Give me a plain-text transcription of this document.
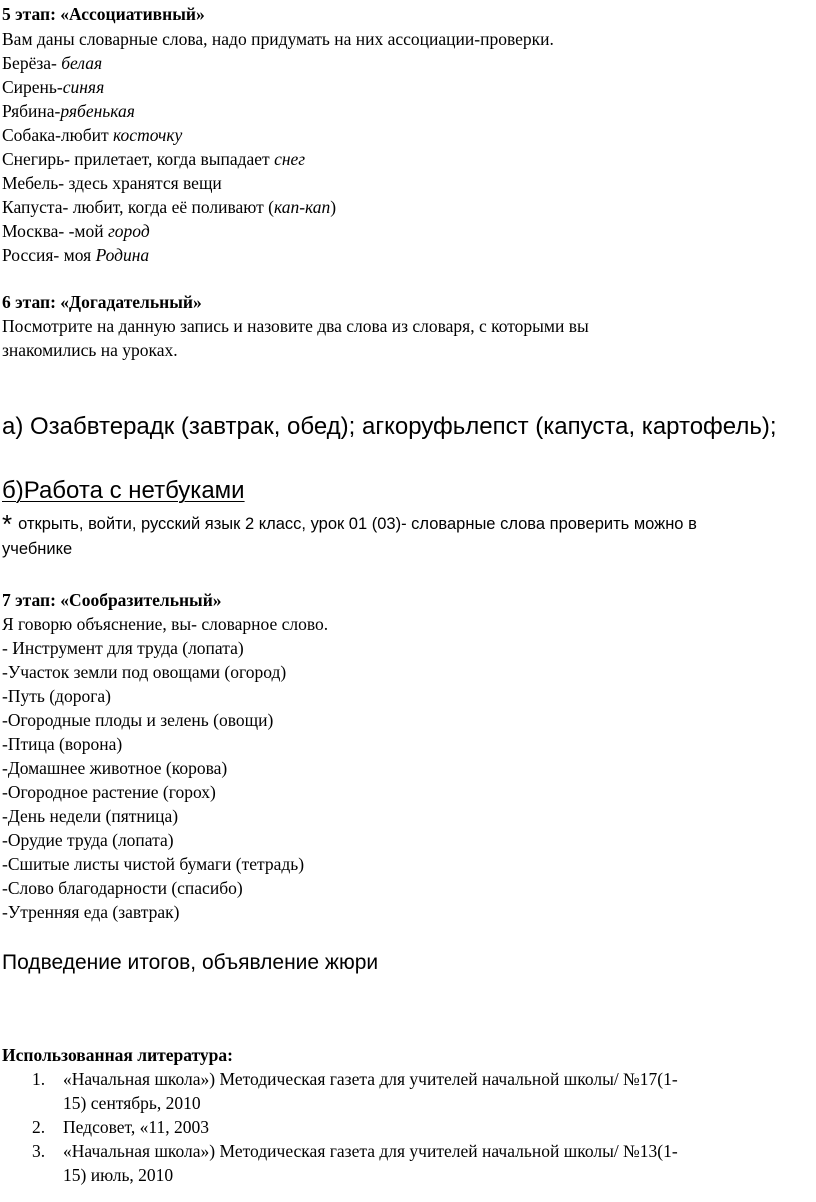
5 этап: «Ассоциативный»
Вам даны словарные слова, надо придумать на них ассоциации-проверки.
Берёза- белая
Сирень-синяя
Рябина-рябенькая
Собака-любит косточку
Снегирь- прилетает, когда выпадает снег
Мебель- здесь хранятся вещи
Капуста- любит, когда её поливают (кап-кап)
Москва- -мой город
Россия- моя Родина
6 этап: «Догадательный»
Посмотрите на данную запись и назовите два слова из словаря, с которыми вы
знакомились на уроках.
а) Озабвтерадк (завтрак, обед); агкоруфьлепст (капуста, картофель);
б)Работа с нетбуками
* открыть, войти, русский язык 2 класс, урок 01 (03)- словарные слова проверить можно в
учебнике
7 этап: «Сообразительный»
Я говорю объяснение, вы- словарное слово.
- Инструмент для труда (лопата)
-Участок земли под овощами (огород)
-Путь (дорога)
-Огородные плоды и зелень (овощи)
-Птица (ворона)
-Домашнее животное (корова)
-Огородное растение (горох)
-День недели (пятница)
-Орудие труда (лопата)
-Сшитые листы чистой бумаги (тетрадь)
-Слово благодарности (спасибо)
-Утренняя еда (завтрак)
Подведение итогов, объявление жюри
Использованная литература:
1.	«Начальная школа») Методическая газета для учителей начальной школы/ №17(1-
15) сентябрь, 2010
2.	Педсовет, «11, 2003
3.	«Начальная школа») Методическая газета для учителей начальной школы/ №13(1-
15) июль, 2010
